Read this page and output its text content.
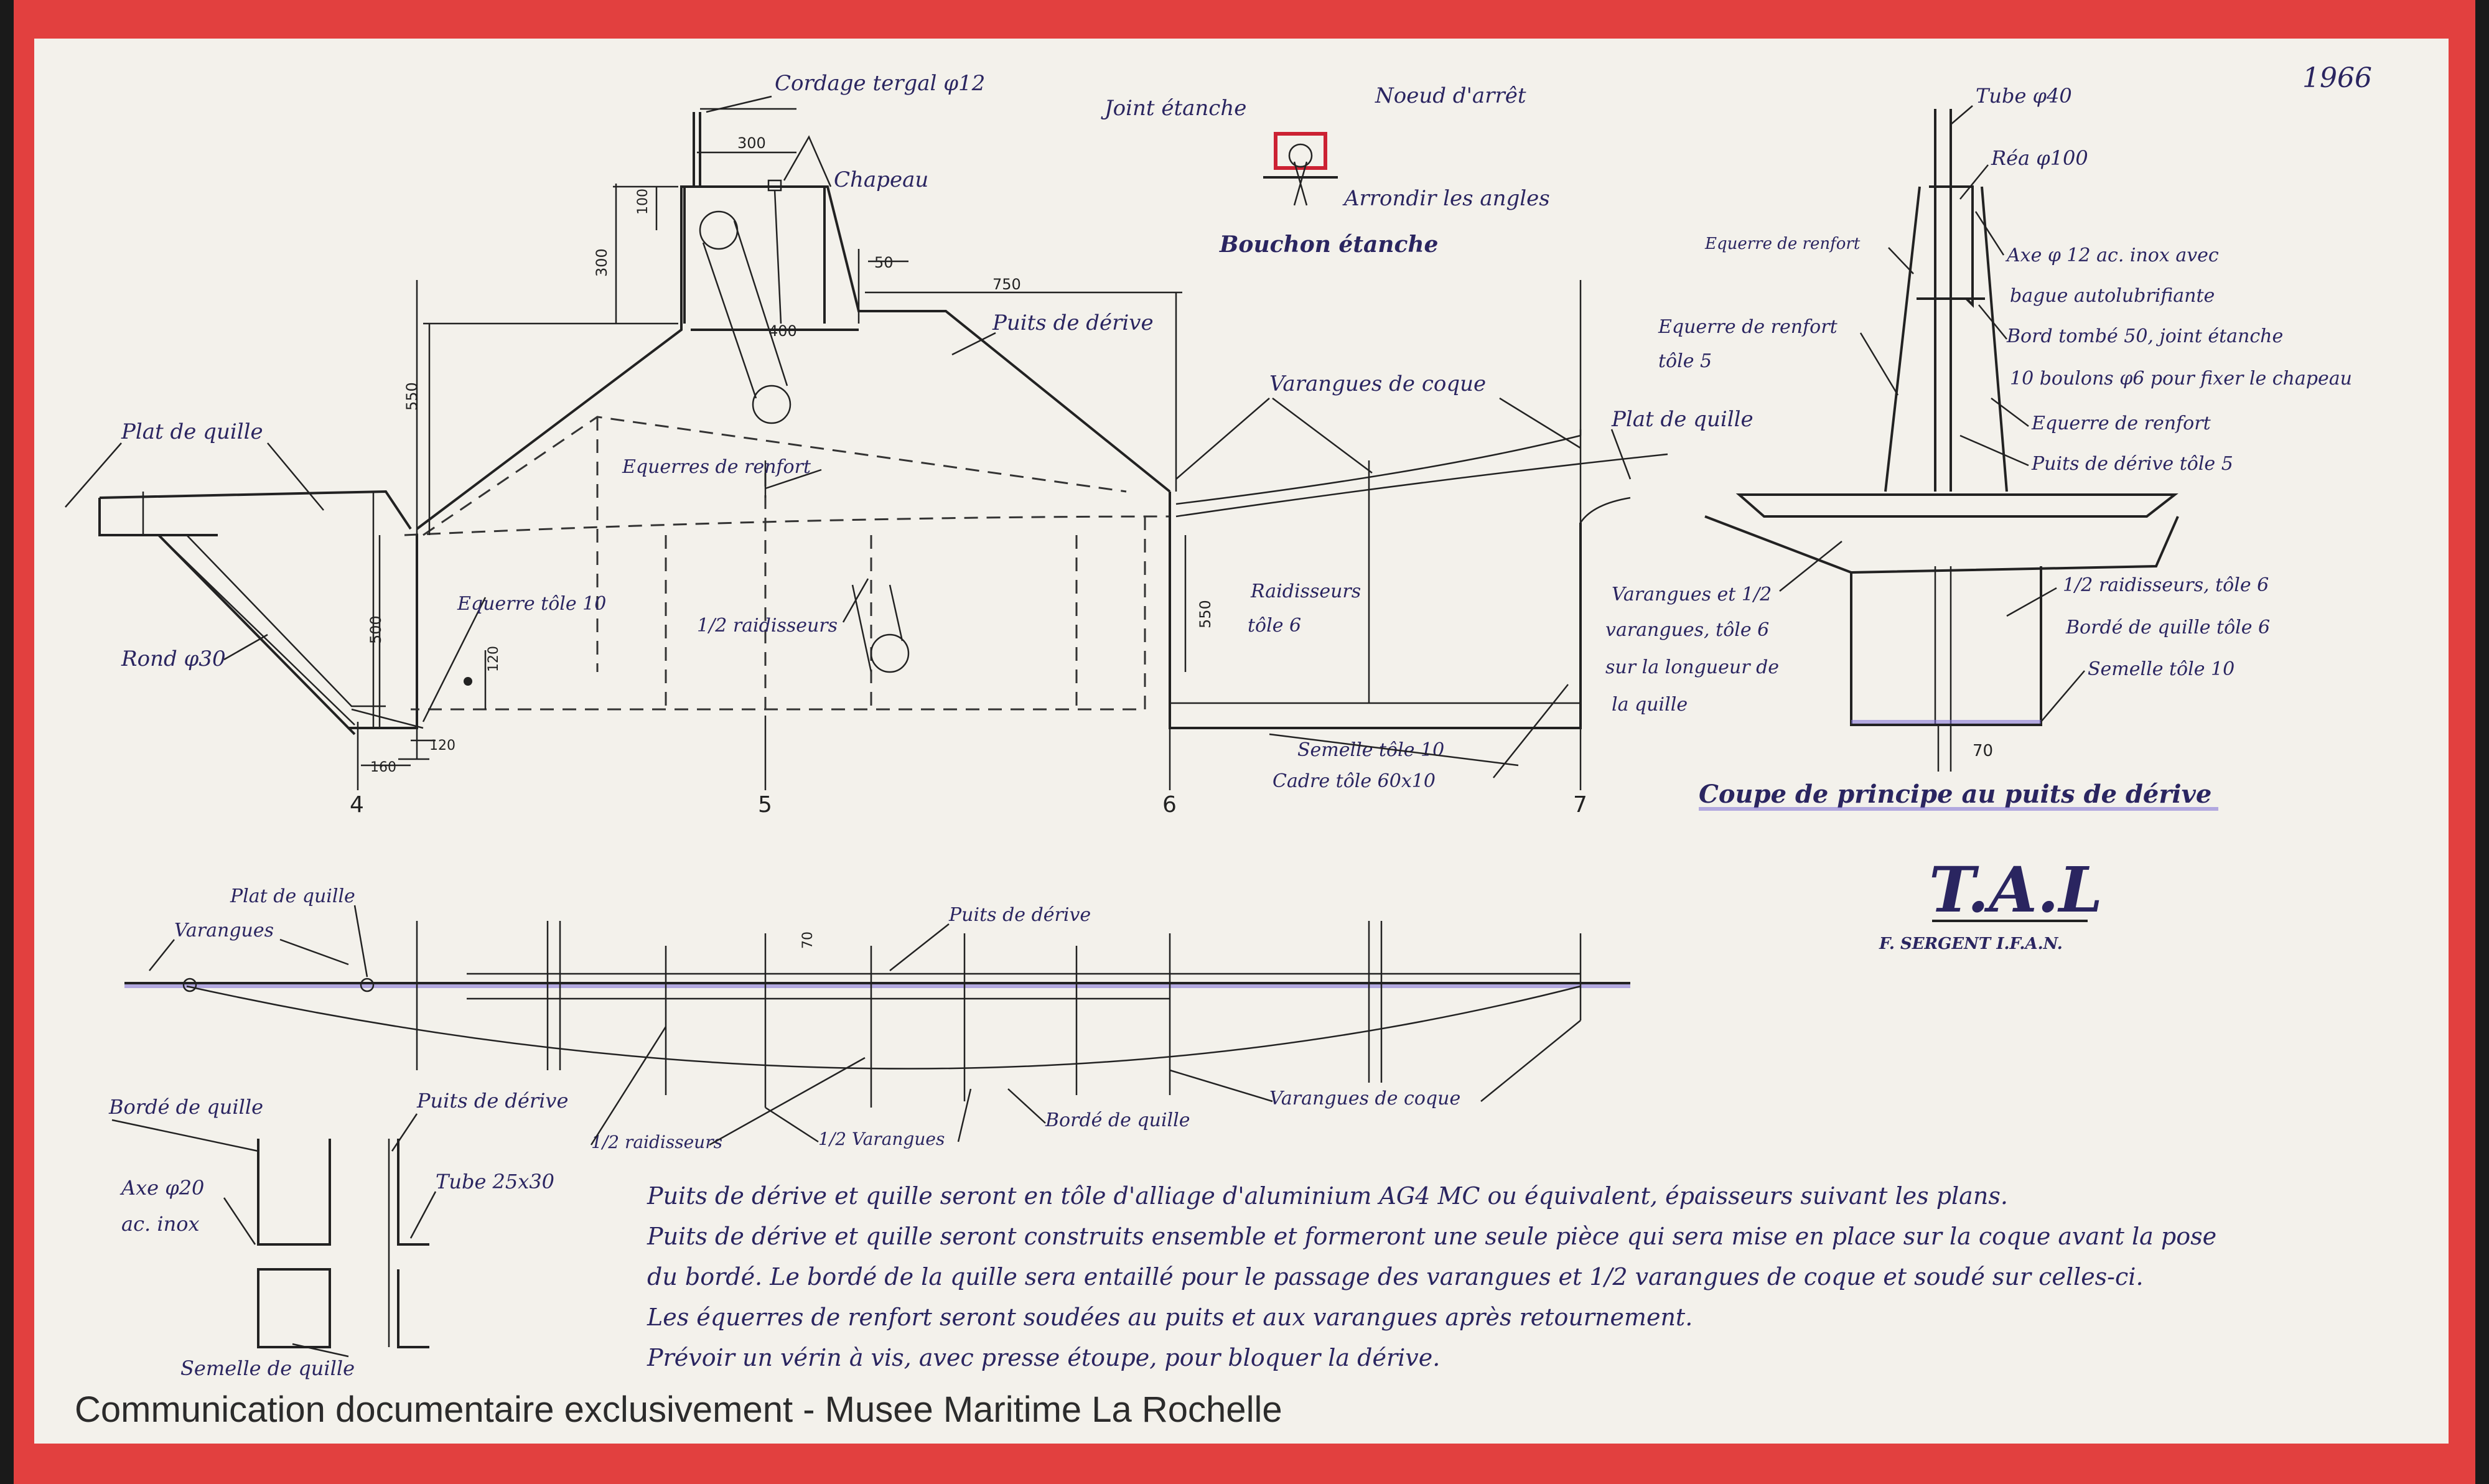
1966
Cordage tergal φ12
Chapeau
Joint étanche	Noeud d'arrêt
Arrondir les angles
Bouchon étanche
Puits de dérive
Plat de quille
Varangues de coque
Plat de quille
Equerres de renfort
Equerre tôle 10
Rond φ30
1/2 raidisseurs
Raidisseurs
tôle 6
Semelle tôle 10
Cadre tôle 60x10
300
100
300	50
750
400
550
500
120
120
160
550
4	5	6	7
Tube φ40
Réa φ100
Equerre de renfort
Axe φ 12 ac. inox avec
bague autolubrifiante
Equerre de renfort
tôle 5
Bord tombé 50, joint étanche
10 boulons φ6 pour fixer le chapeau
Equerre de renfort
Puits de dérive tôle 5
Varangues et 1/2
varangues, tôle 6
sur la longueur de
la quille
1/2 raidisseurs, tôle 6
Bordé de quille tôle 6
Semelle tôle 10
70
Coupe de principe au puits de dérive
T.A.L
F. SERGENT I.F.A.N.
Plat de quille
Varangues
Puits de dérive
70
1/2 raidisseurs	1/2 Varangues
Bordé de quille
Varangues de coque
Bordé de quille
Axe φ20
ac. inox
Puits de dérive
Tube 25x30
Semelle de quille
Puits de dérive et quille seront en tôle d'alliage d'aluminium AG4 MC ou équivalent, épaisseurs suivant les plans.
Puits de dérive et quille seront construits ensemble et formeront une seule pièce qui sera mise en place sur la coque avant la pose
du bordé. Le bordé de la quille sera entaillé pour le passage des varangues et 1/2 varangues de coque et soudé sur celles-ci.
Les équerres de renfort seront soudées au puits et aux varangues après retournement.
Prévoir un vérin à vis, avec presse étoupe, pour bloquer la dérive.
Communication documentaire exclusivement - Musee Maritime La Rochelle
